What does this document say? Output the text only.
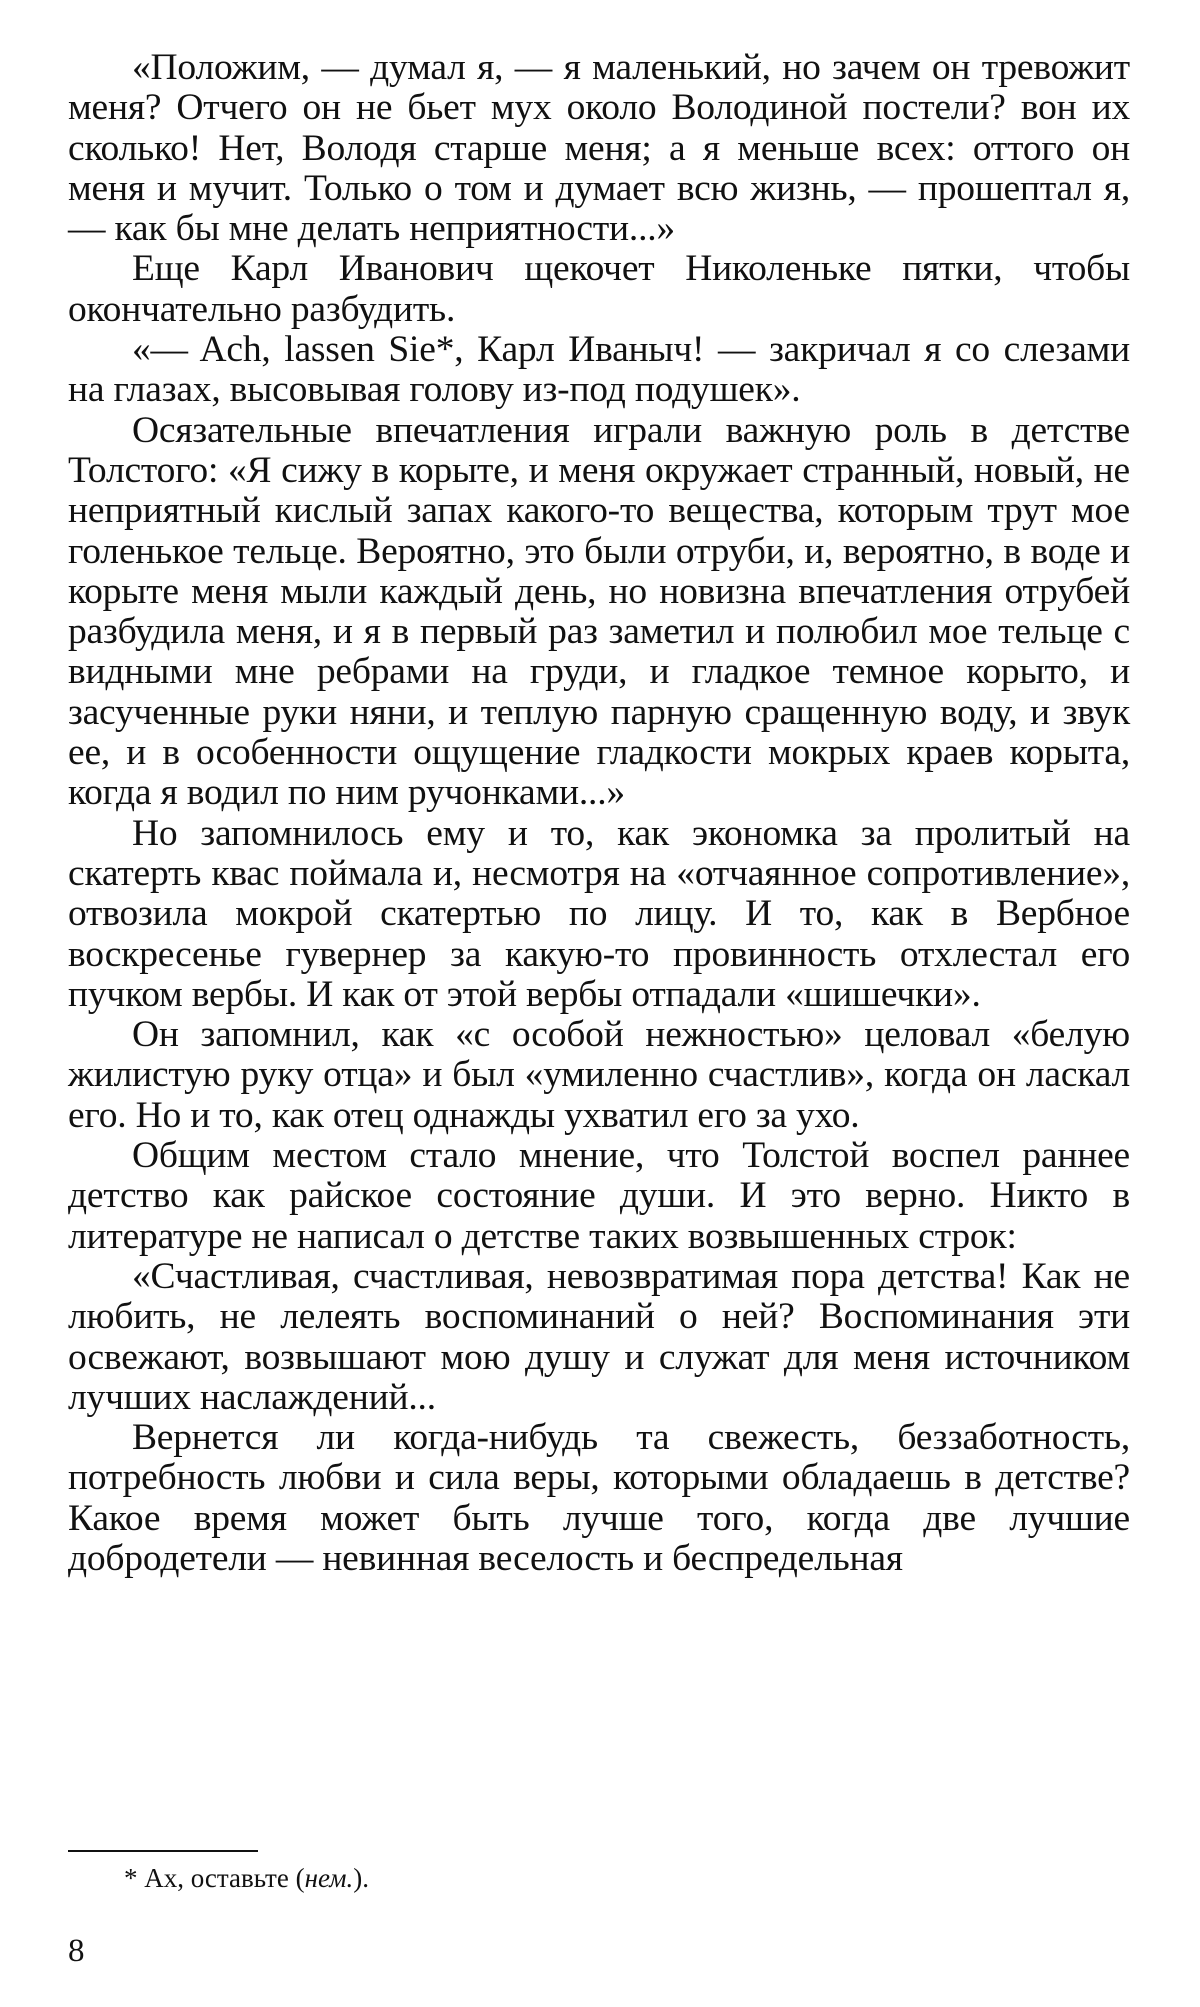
«Положим, — думал я, — я маленький, но зачем он тревожит меня? Отчего он не бьет мух около Володиной постели? вон их сколько! Нет, Володя старше меня; а я меньше всех: оттого он меня и мучит. Только о том и думает всю жизнь, — прошептал я, — как бы мне делать неприятности...»

Еще Карл Иванович щекочет Николеньке пятки, чтобы окончательно разбудить.

«— Ach, lassen Sie*, Карл Иваныч! — закричал я со слезами на глазах, высовывая голову из-под подушек».

Осязательные впечатления играли важную роль в детстве Толстого: «Я сижу в корыте, и меня окружает странный, новый, не неприятный кислый запах какого-то вещества, которым трут мое голенькое тельце. Вероятно, это были отруби, и, вероятно, в воде и корыте меня мыли каждый день, но новизна впечатления отрубей разбудила меня, и я в первый раз заметил и полюбил мое тельце с видными мне ребрами на груди, и гладкое темное корыто, и засученные руки няни, и теплую парную сращенную воду, и звук ее, и в особенности ощущение гладкости мокрых краев корыта, когда я водил по ним ручонками...»

Но запомнилось ему и то, как экономка за пролитый на скатерть квас поймала и, несмотря на «отчаянное сопротивление», отвозила мокрой скатертью по лицу. И то, как в Вербное воскресенье гувернер за какую-то провинность отхлестал его пучком вербы. И как от этой вербы отпадали «шишечки».

Он запомнил, как «с особой нежностью» целовал «белую жилистую руку отца» и был «умиленно счастлив», когда он ласкал его. Но и то, как отец однажды ухватил его за ухо.

Общим местом стало мнение, что Толстой воспел раннее детство как райское состояние души. И это верно. Никто в литературе не написал о детстве таких возвышенных строк:

«Счастливая, счастливая, невозвратимая пора детства! Как не любить, не лелеять воспоминаний о ней? Воспоминания эти освежают, возвышают мою душу и служат для меня источником лучших наслаждений...

Вернется ли когда-нибудь та свежесть, беззаботность, потребность любви и сила веры, которыми обладаешь в детстве? Какое время может быть лучше того, когда две лучшие добродетели — невинная веселость и беспредельная

* Ах, оставьте (нем.).
8
